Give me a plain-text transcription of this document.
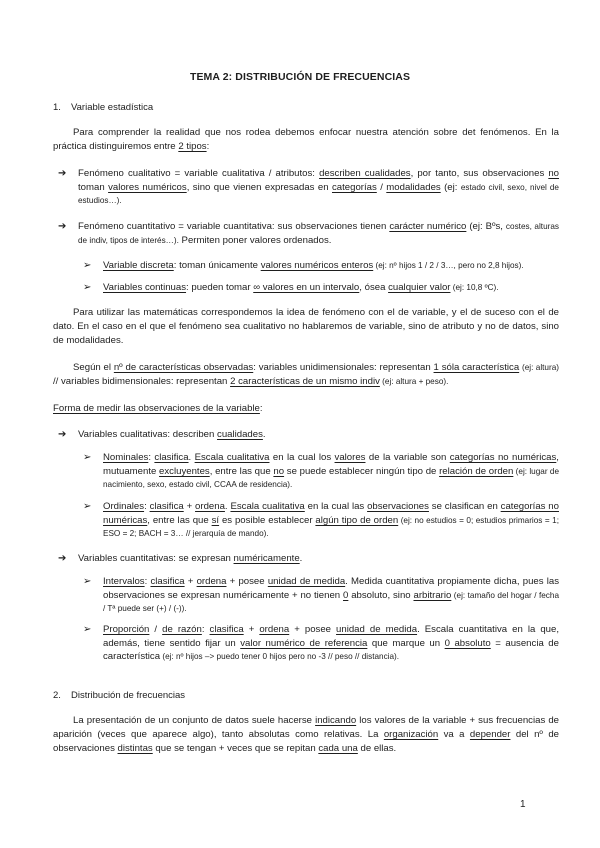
TEMA 2: DISTRIBUCIÓN DE FRECUENCIAS
1. Variable estadística
Para comprender la realidad que nos rodea debemos enfocar nuestra atención sobre det fenómenos. En la práctica distinguiremos entre 2 tipos:
➔ Fenómeno cualitativo = variable cualitativa / atributos: describen cualidades, por tanto, sus observaciones no toman valores numéricos, sino que vienen expresadas en categorías / modalidades (ej: estado civil, sexo, nivel de estudios…).
➔ Fenómeno cuantitativo = variable cuantitativa: sus observaciones tienen carácter numérico (ej: Bºs, costes, alturas de indiv, tipos de interés…). Permiten poner valores ordenados.
➢ Variable discreta: toman únicamente valores numéricos enteros (ej: nº hijos 1 / 2 / 3…, pero no 2,8 hijos).
➢ Variables continuas: pueden tomar ∞ valores en un intervalo, ósea cualquier valor (ej: 10,8 ºC).
Para utilizar las matemáticas correspondemos la idea de fenómeno con el de variable, y el de suceso con el de dato. En el caso en el que el fenómeno sea cualitativo no hablaremos de variable, sino de atributo y no de datos, sino de modalidades.
Según el nº de características observadas: variables unidimensionales: representan 1 sóla característica (ej: altura) // variables bidimensionales: representan 2 características de un mismo indiv (ej: altura + peso).
Forma de medir las observaciones de la variable:
➔ Variables cualitativas: describen cualidades.
➢ Nominales: clasifica. Escala cualitativa en la cual los valores de la variable son categorías no numéricas, mutuamente excluyentes, entre las que no se puede establecer ningún tipo de relación de orden (ej: lugar de nacimiento, sexo, estado civil, CCAA de residencia).
➢ Ordinales: clasifica + ordena. Escala cualitativa en la cual las observaciones se clasifican en categorías no numéricas, entre las que sí es posible establecer algún tipo de orden (ej: no estudios = 0; estudios primarios = 1; ESO = 2; BACH = 3… // jerarquía de mando).
➔ Variables cuantitativas: se expresan numéricamente.
➢ Intervalos: clasifica + ordena + posee unidad de medida. Medida cuantitativa propiamente dicha, pues las observaciones se expresan numéricamente + no tienen 0 absoluto, sino arbitrario (ej: tamaño del hogar / fecha / Tª puede ser (+) / (-)).
➢ Proporción / de razón: clasifica + ordena + posee unidad de medida. Escala cuantitativa en la que, además, tiene sentido fijar un valor numérico de referencia que marque un 0 absoluto = ausencia de característica (ej: nº hijos –> puedo tener 0 hijos pero no -3 // peso // distancia).
2. Distribución de frecuencias
La presentación de un conjunto de datos suele hacerse indicando los valores de la variable + sus frecuencias de aparición (veces que aparece algo), tanto absolutas como relativas. La organización va a depender del nº de observaciones distintas que se tengan + veces que se repitan cada una de ellas.
1
